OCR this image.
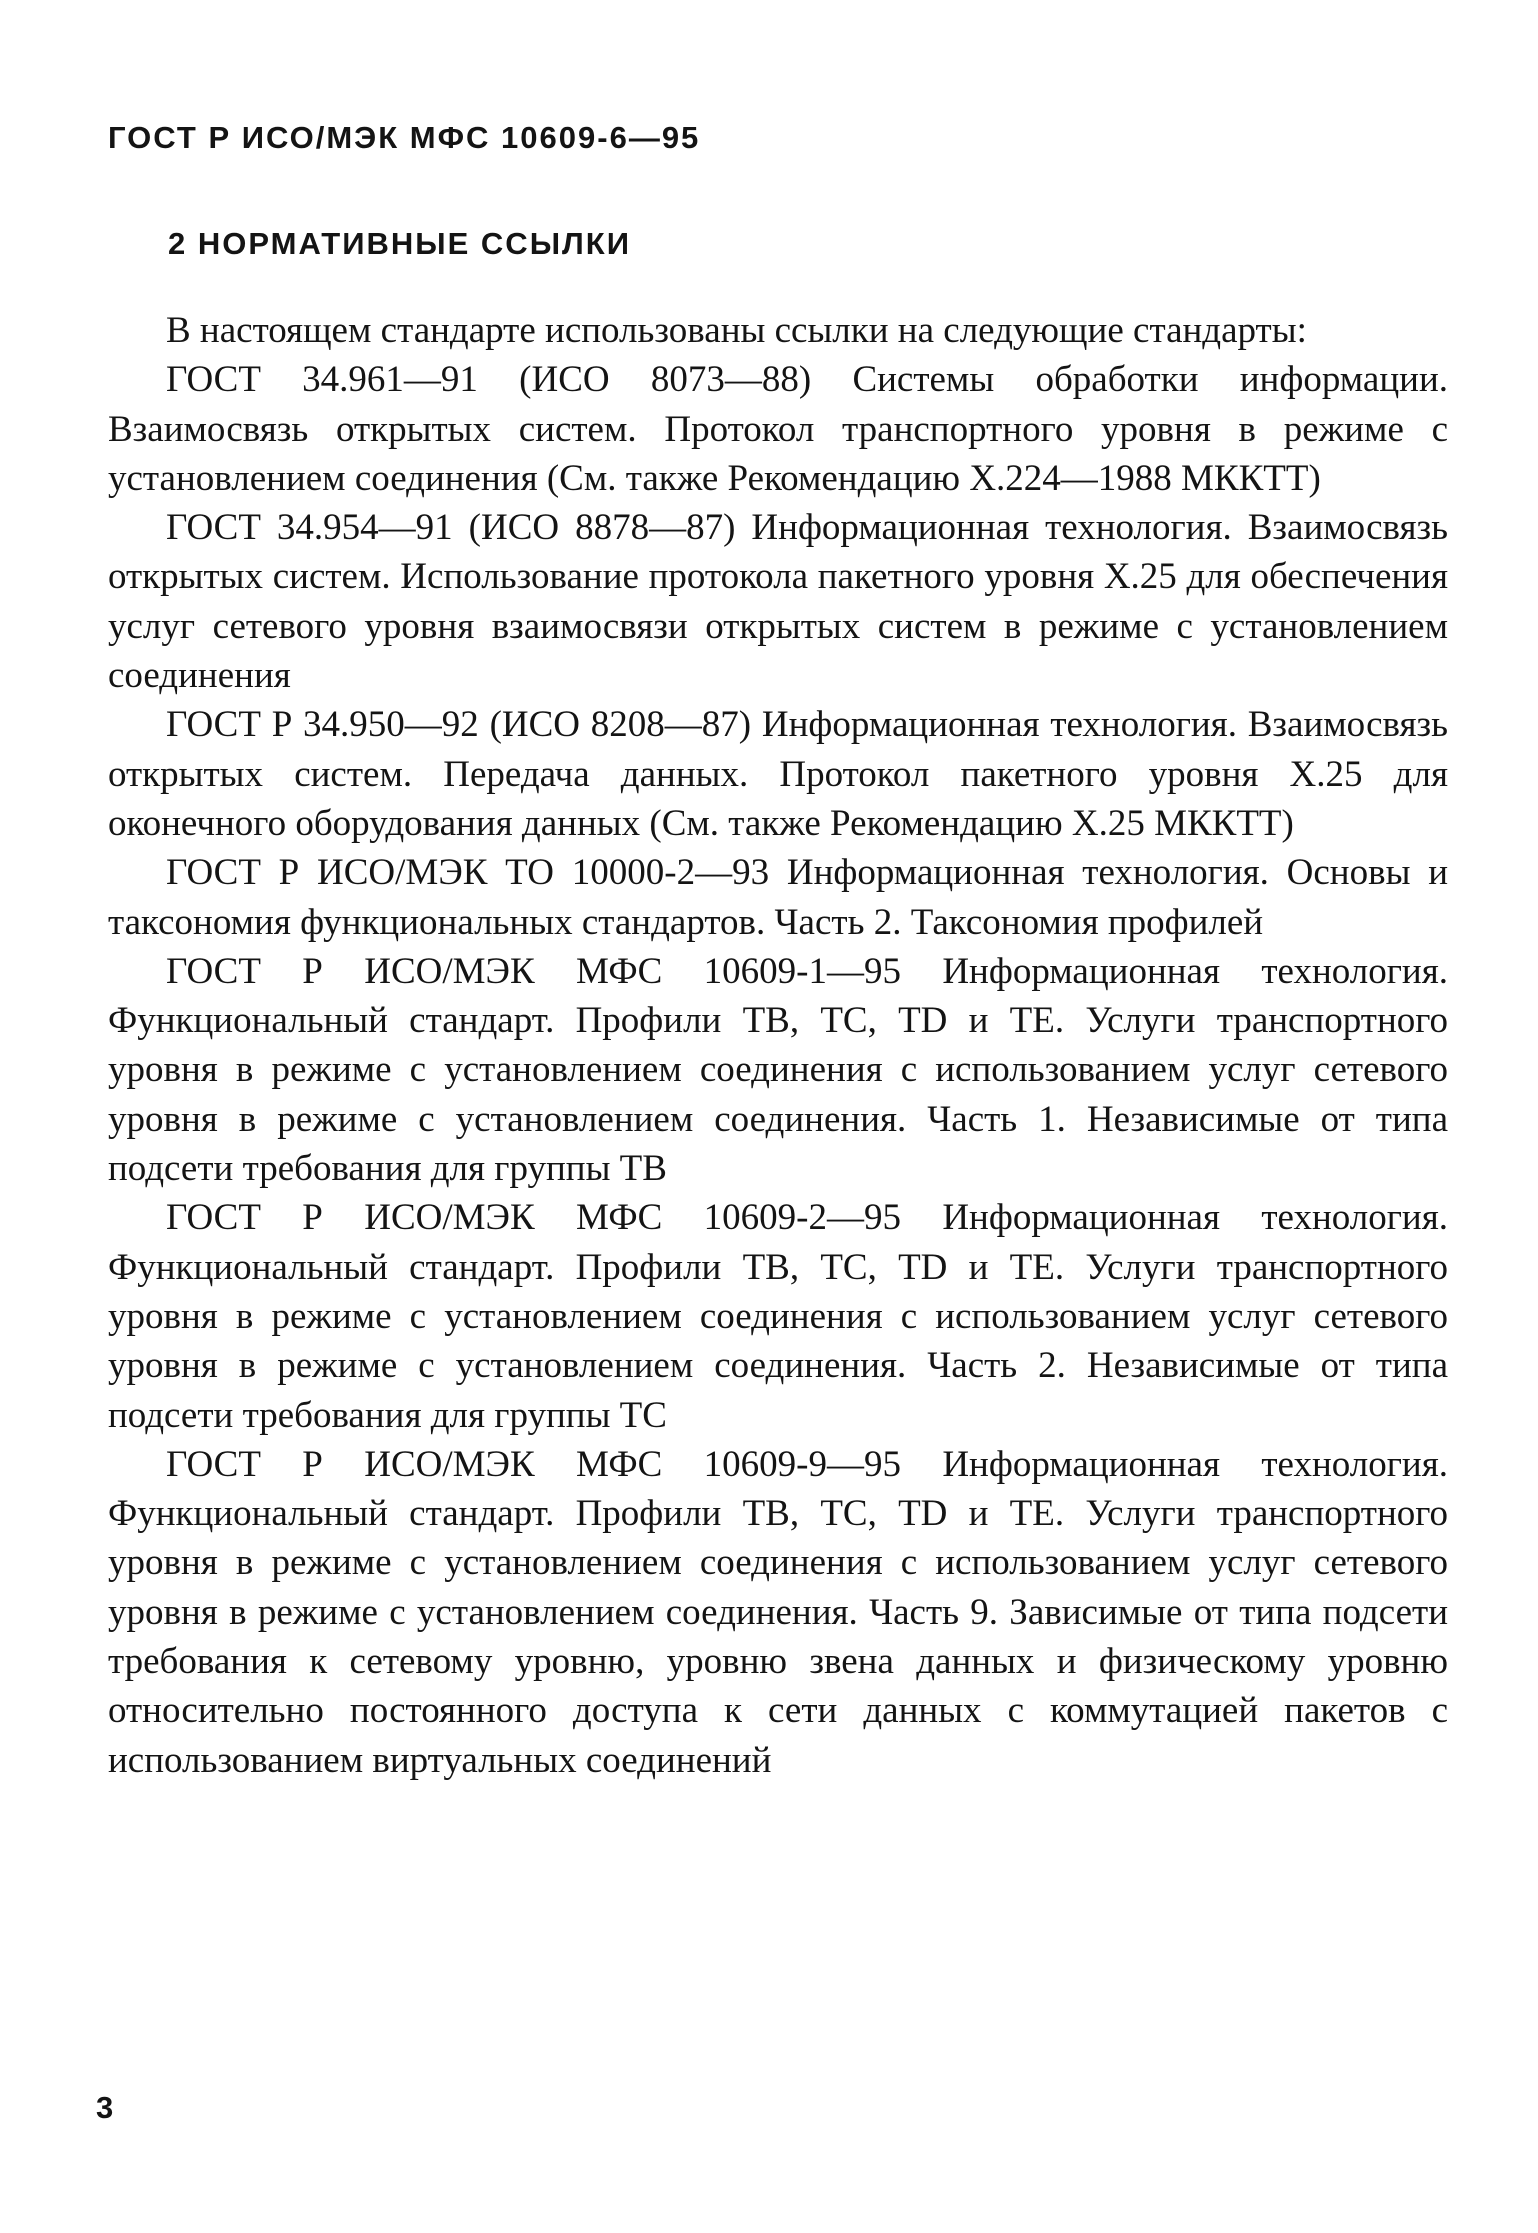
ГОСТ Р ИСО/МЭК МФС 10609-6—95
2 НОРМАТИВНЫЕ ССЫЛКИ

В настоящем стандарте использованы ссылки на следующие стандарты:

ГОСТ 34.961—91 (ИСО 8073—88) Системы обработки информации. Взаимосвязь открытых систем. Протокол транспортного уровня в режиме с установлением соединения (См. также Рекомендацию Х.224—1988 МККТТ)

ГОСТ 34.954—91 (ИСО 8878—87) Информационная технология. Взаимосвязь открытых систем. Использование протокола пакетного уровня Х.25 для обеспечения услуг сетевого уровня взаимосвязи открытых систем в режиме с установлением соединения

ГОСТ Р 34.950—92 (ИСО 8208—87) Информационная технология. Взаимосвязь открытых систем. Передача данных. Протокол пакетного уровня Х.25 для оконечного оборудования данных (См. также Рекомендацию Х.25 МККТТ)

ГОСТ Р ИСО/МЭК ТО 10000-2—93 Информационная технология. Основы и таксономия функциональных стандартов. Часть 2. Таксономия профилей

ГОСТ Р ИСО/МЭК МФС 10609-1—95 Информационная технология. Функциональный стандарт. Профили ТВ, ТС, TD и ТЕ. Услуги транспортного уровня в режиме с установлением соединения с использованием услуг сетевого уровня в режиме с установлением соединения. Часть 1. Независимые от типа подсети требования для группы ТВ

ГОСТ Р ИСО/МЭК МФС 10609-2—95 Информационная технология. Функциональный стандарт. Профили ТВ, ТС, TD и ТЕ. Услуги транспортного уровня в режиме с установлением соединения с использованием услуг сетевого уровня в режиме с установлением соединения. Часть 2. Независимые от типа подсети требования для группы ТС

ГОСТ Р ИСО/МЭК МФС 10609-9—95 Информационная технология. Функциональный стандарт. Профили ТВ, ТС, TD и ТЕ. Услуги транспортного уровня в режиме с установлением соединения с использованием услуг сетевого уровня в режиме с установлением соединения. Часть 9. Зависимые от типа подсети требования к сетевому уровню, уровню звена данных и физическому уровню относительно постоянного доступа к сети данных с коммутацией пакетов с использованием виртуальных соединений

3
